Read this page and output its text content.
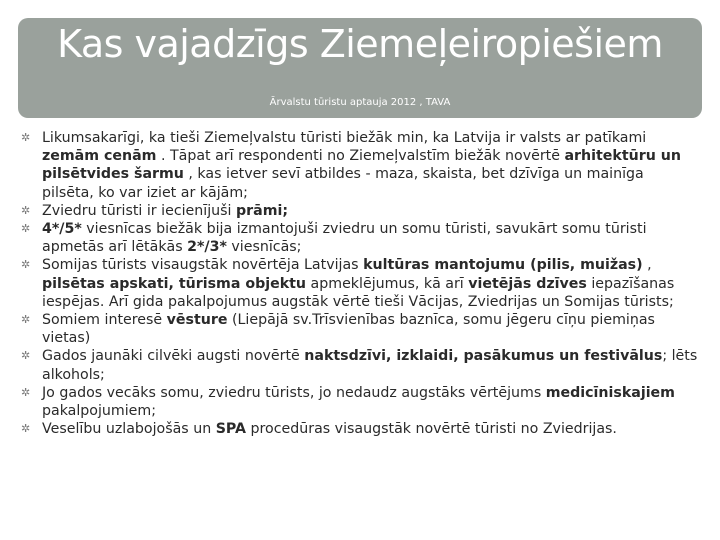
Kas vajadzīgs Ziemeļeiropiešiem
Ārvalstu tūristu aptauja 2012 , TAVA
✲ Likumsakarīgi, ka tieši Ziemeļvalstu tūristi biežāk min, ka Latvija ir valsts ar patīkami zemām cenām . Tāpat arī respondenti no Ziemeļvalstīm biežāk novērtē arhitektūru un pilsētvides šarmu , kas ietver sevī atbildes - maza, skaista, bet dzīvīga un mainīga pilsēta, ko var iziet ar kājām;
✲ Zviedru tūristi ir iecienījuši prāmi;
✲ 4*/5* viesnīcas biežāk bija izmantojuši zviedru un somu tūristi, savukārt somu tūristi apmetās arī lētākās 2*/3* viesnīcās;
✲ Somijas tūrists visaugstāk novērtēja Latvijas kultūras mantojumu (pilis, muižas) , pilsētas apskati, tūrisma objektu apmeklējumus, kā arī vietējās dzīves iepazīšanas iespējas. Arī gida pakalpojumus augstāk vērtē tieši Vācijas, Zviedrijas un Somijas tūrists;
✲ Somiem interesē vēsture (Liepājā sv.Trīsvienības baznīca, somu jēgeru cīņu piemiņas vietas)
✲ Gados jaunāki cilvēki augsti novērtē naktsdzīvi, izklaidi, pasākumus un festivālus; lēts alkohols;
✲ Jo gados vecāks somu, zviedru tūrists, jo nedaudz augstāks vērtējums medicīniskajiem pakalpojumiem;
✲ Veselību uzlabojošās un SPA procedūras visaugstāk novērtē tūristi no Zviedrijas.
